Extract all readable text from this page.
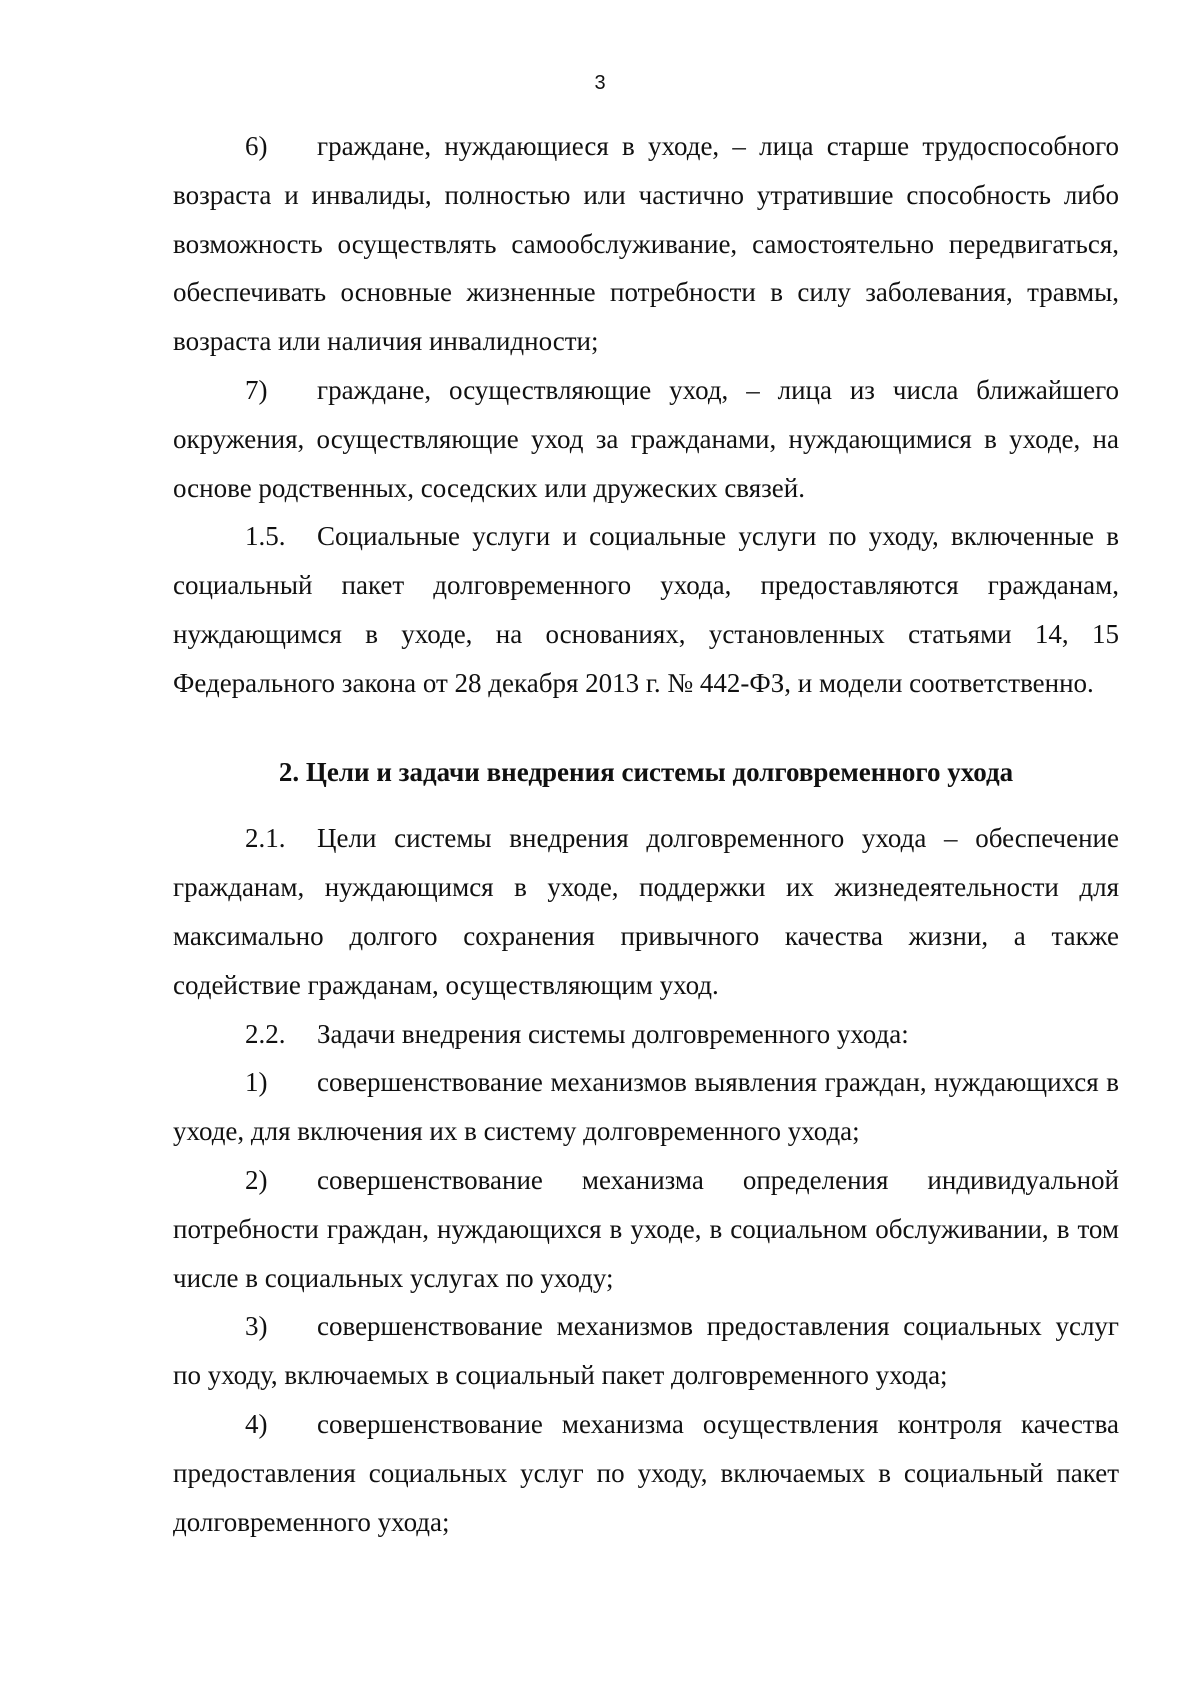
3

6) граждане, нуждающиеся в уходе, – лица старше трудоспособного возраста и инвалиды, полностью или частично утратившие способность либо возможность осуществлять самообслуживание, самостоятельно передвигаться, обеспечивать основные жизненные потребности в силу заболевания, травмы, возраста или наличия инвалидности;

7) граждане, осуществляющие уход, – лица из числа ближайшего окружения, осуществляющие уход за гражданами, нуждающимися в уходе, на основе родственных, соседских или дружеских связей.

1.5. Социальные услуги и социальные услуги по уходу, включенные в социальный пакет долговременного ухода, предоставляются гражданам, нуждающимся в уходе, на основаниях, установленных статьями 14, 15 Федерального закона от 28 декабря 2013 г. № 442-ФЗ, и модели соответственно.

2. Цели и задачи внедрения системы долговременного ухода

2.1. Цели системы внедрения долговременного ухода – обеспечение гражданам, нуждающимся в уходе, поддержки их жизнедеятельности для максимально долгого сохранения привычного качества жизни, а также содействие гражданам, осуществляющим уход.

2.2. Задачи внедрения системы долговременного ухода:

1) совершенствование механизмов выявления граждан, нуждающихся в уходе, для включения их в систему долговременного ухода;

2) совершенствование механизма определения индивидуальной потребности граждан, нуждающихся в уходе, в социальном обслуживании, в том числе в социальных услугах по уходу;

3) совершенствование механизмов предоставления социальных услуг по уходу, включаемых в социальный пакет долговременного ухода;

4) совершенствование механизма осуществления контроля качества предоставления социальных услуг по уходу, включаемых в социальный пакет долговременного ухода;
